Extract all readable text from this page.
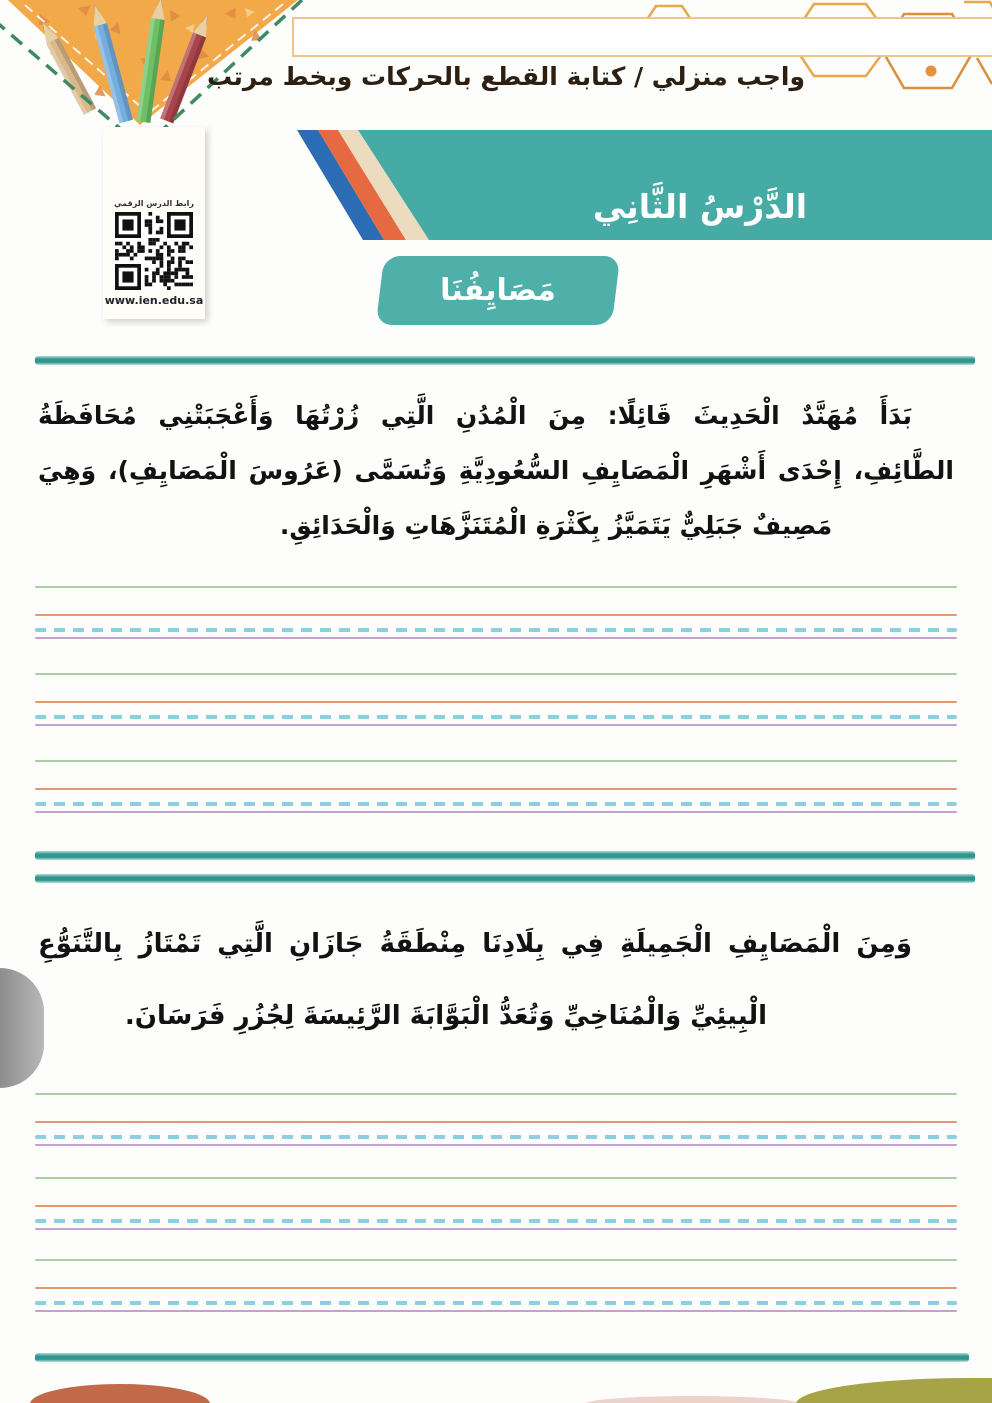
واجب منزلي / كتابة القطع بالحركات وبخط مرتب
الدَّرْسُ الثَّانِي
رابط الدرس الرقمي
www.ien.edu.sa	مَصَايِفُنَا
بَدَأَ مُهَنَّدٌ الْحَدِيثَ قَائِلًا: مِنَ الْمُدُنِ الَّتِي زُرْتُهَا وَأَعْجَبَتْنِي مُحَافَظَةُ
الطَّائِفِ، إِحْدَى أَشْهَرِ الْمَصَايِفِ السُّعُودِيَّةِ وَتُسَمَّى (عَرُوسَ الْمَصَايِفِ)، وَهِيَ
مَصِيفٌ جَبَلِيٌّ يَتَمَيَّزُ بِكَثْرَةِ الْمُتَنَزَّهَاتِ وَالْحَدَائِقِ.
وَمِنَ الْمَصَايِفِ الْجَمِيلَةِ فِي بِلَادِنَا مِنْطَقَةُ جَازَانِ الَّتِي تَمْتَازُ بِالتَّنَوُّعِ
الْبِيئِيِّ وَالْمُنَاخِيِّ وَتُعَدُّ الْبَوَّابَةَ الرَّئِيسَةَ لِجُزُرِ فَرَسَانَ.
